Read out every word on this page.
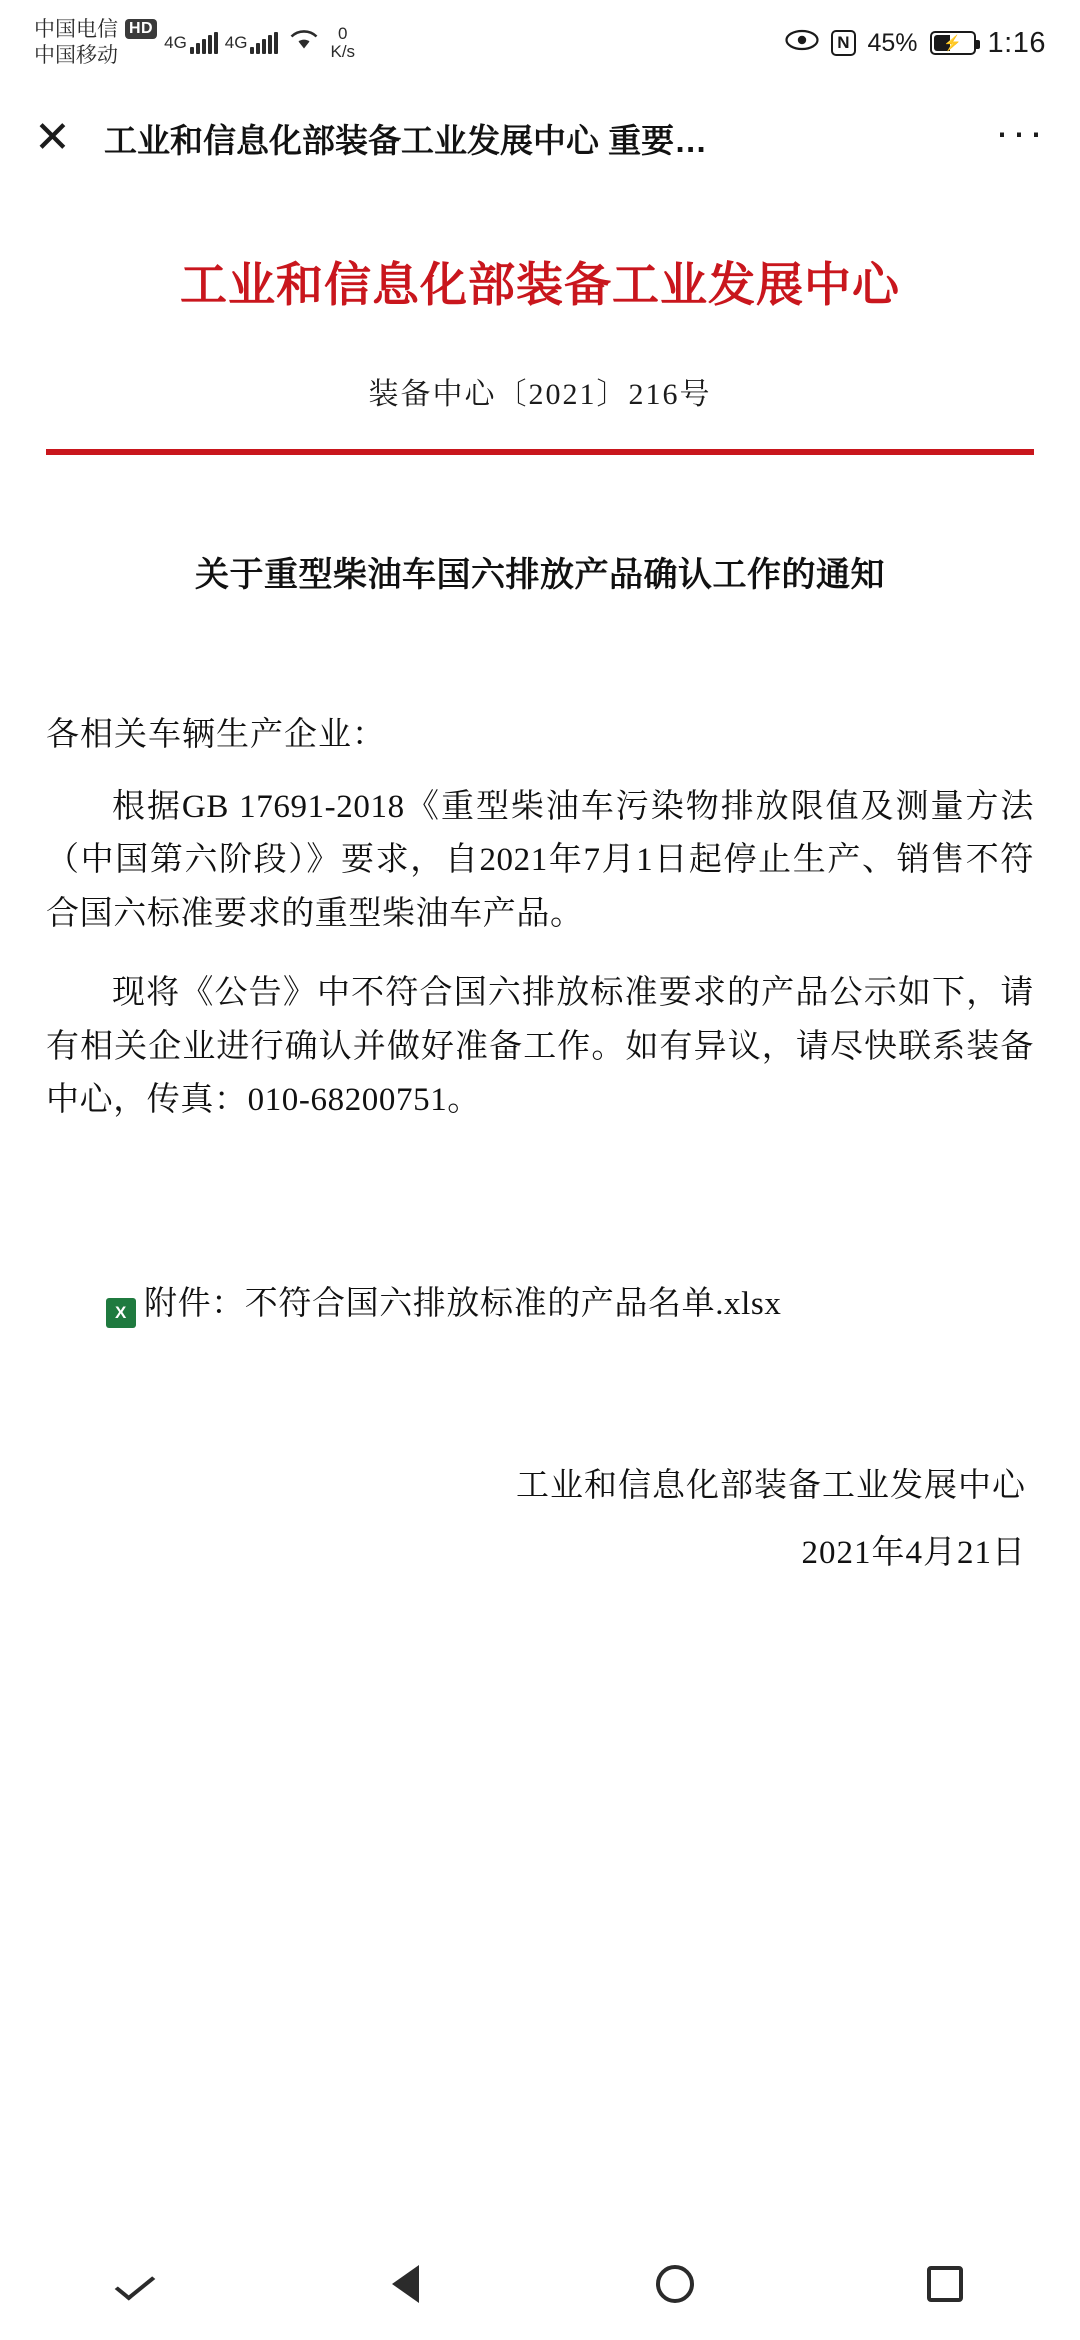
中国电信
中国移动
HD
4G 4G	0
K/s	N 45% ⚡ 1:16
✕	工业和信息化部装备工业发展中心 重要…	···
工业和信息化部装备工业发展中心
装备中心〔2021〕216号
关于重型柴油车国六排放产品确认工作的通知
各相关车辆生产企业：

根据GB 17691-2018《重型柴油车污染物排放限值及测量方法（中国第六阶段）》要求，自2021年7月1日起停止生产、销售不符合国六标准要求的重型柴油车产品。

现将《公告》中不符合国六排放标准要求的产品公示如下，请有相关企业进行确认并做好准备工作。如有异议，请尽快联系装备中心，传真：010-68200751。

X 附件：不符合国六排放标准的产品名单.xlsx
工业和信息化部装备工业发展中心
2021年4月21日
